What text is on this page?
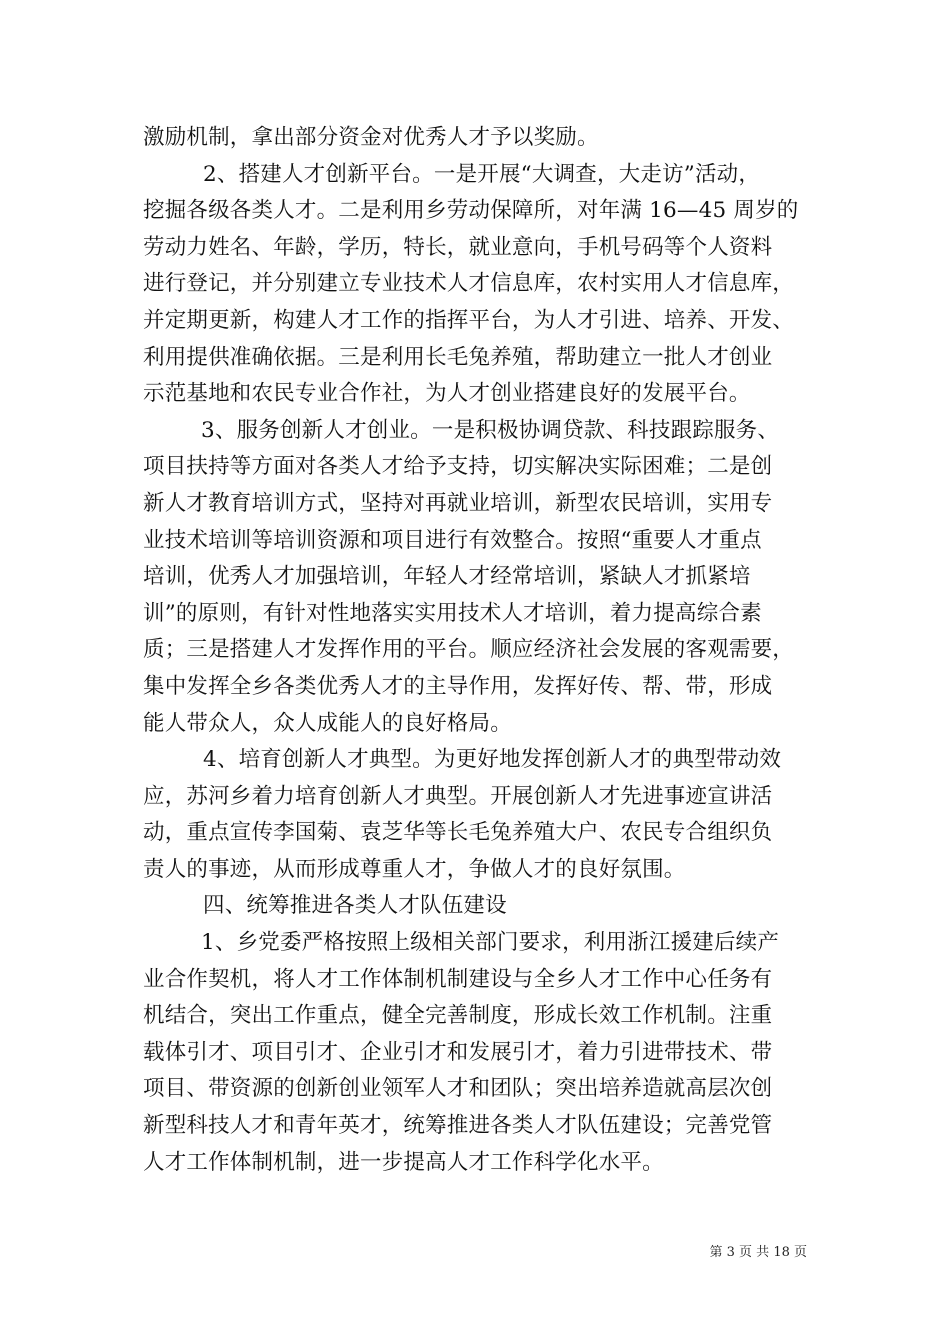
激励机制，拿出部分资金对优秀人才予以奖励。
2、搭建人才创新平台。一是开展“大调查，大走访”活动，
挖掘各级各类人才。二是利用乡劳动保障所，对年满 16—45 周岁的
劳动力姓名、年龄，学历，特长，就业意向，手机号码等个人资料
进行登记，并分别建立专业技术人才信息库，农村实用人才信息库，
并定期更新，构建人才工作的指挥平台，为人才引进、培养、开发、
利用提供准确依据。三是利用长毛兔养殖，帮助建立一批人才创业
示范基地和农民专业合作社，为人才创业搭建良好的发展平台。
3、服务创新人才创业。一是积极协调贷款、科技跟踪服务、
项目扶持等方面对各类人才给予支持，切实解决实际困难；二是创
新人才教育培训方式，坚持对再就业培训，新型农民培训，实用专
业技术培训等培训资源和项目进行有效整合。按照“重要人才重点
培训，优秀人才加强培训，年轻人才经常培训，紧缺人才抓紧培
训”的原则，有针对性地落实实用技术人才培训，着力提高综合素
质；三是搭建人才发挥作用的平台。顺应经济社会发展的客观需要，
集中发挥全乡各类优秀人才的主导作用，发挥好传、帮、带，形成
能人带众人，众人成能人的良好格局。
4、培育创新人才典型。为更好地发挥创新人才的典型带动效
应，苏河乡着力培育创新人才典型。开展创新人才先进事迹宣讲活
动，重点宣传李国菊、袁芝华等长毛兔养殖大户、农民专合组织负
责人的事迹，从而形成尊重人才，争做人才的良好氛围。
四、统筹推进各类人才队伍建设
1、乡党委严格按照上级相关部门要求，利用浙江援建后续产
业合作契机，将人才工作体制机制建设与全乡人才工作中心任务有
机结合，突出工作重点，健全完善制度，形成长效工作机制。注重
载体引才、项目引才、企业引才和发展引才，着力引进带技术、带
项目、带资源的创新创业领军人才和团队；突出培养造就高层次创
新型科技人才和青年英才，统筹推进各类人才队伍建设；完善党管
人才工作体制机制，进一步提高人才工作科学化水平。
第 3 页 共 18 页
